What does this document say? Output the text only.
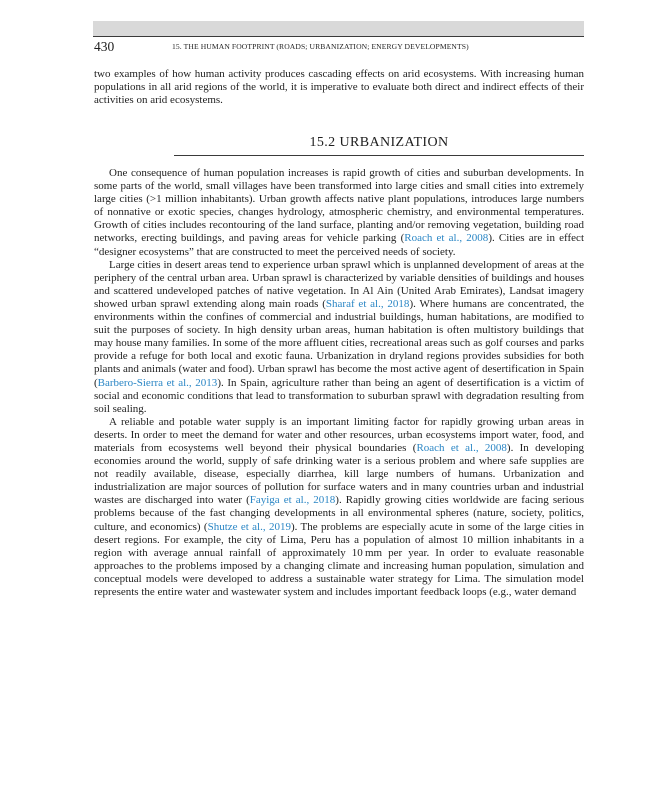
430	15. THE HUMAN FOOTPRINT (ROADS; URBANIZATION; ENERGY DEVELOPMENTS)

two examples of how human activity produces cascading effects on arid ecosystems. With increasing human populations in all arid regions of the world, it is imperative to evaluate both direct and indirect effects of their activities on arid ecosystems.

15.2 URBANIZATION

One consequence of human population increases is rapid growth of cities and suburban developments. In some parts of the world, small villages have been transformed into large cities and small cities into extremely large cities (>1 million inhabitants). Urban growth affects native plant populations, introduces large numbers of nonnative or exotic species, changes hydrology, atmospheric chemistry, and environmental temperatures. Growth of cities includes recontouring of the land surface, planting and/or removing vegetation, building road networks, erecting buildings, and paving areas for vehicle parking (Roach et al., 2008). Cities are in effect “designer ecosystems” that are constructed to meet the perceived needs of society.

Large cities in desert areas tend to experience urban sprawl which is unplanned development of areas at the periphery of the central urban area. Urban sprawl is characterized by variable densities of buildings and houses and scattered undeveloped patches of native vegetation. In Al Ain (United Arab Emirates), Landsat imagery showed urban sprawl extending along main roads (Sharaf et al., 2018). Where humans are concentrated, the environments within the confines of commercial and industrial buildings, human habitations, are modified to suit the purposes of society. In high density urban areas, human habitation is often multistory buildings that may house many families. In some of the more affluent cities, recreational areas such as golf courses and parks provide a refuge for both local and exotic fauna. Urbanization in dryland regions provides subsidies for both plants and animals (water and food). Urban sprawl has become the most active agent of desertification in Spain (Barbero-Sierra et al., 2013). In Spain, agriculture rather than being an agent of desertification is a victim of social and economic conditions that lead to transformation to suburban sprawl with degradation resulting from soil sealing.

A reliable and potable water supply is an important limiting factor for rapidly growing urban areas in deserts. In order to meet the demand for water and other resources, urban ecosystems import water, food, and materials from ecosystems well beyond their physical boundaries (Roach et al., 2008). In developing economies around the world, supply of safe drinking water is a serious problem and where safe supplies are not readily available, disease, especially diarrhea, kill large numbers of humans. Urbanization and industrialization are major sources of pollution for surface waters and in many countries urban and industrial wastes are discharged into water (Fayiga et al., 2018). Rapidly growing cities worldwide are facing serious problems because of the fast changing developments in all environmental spheres (nature, society, politics, culture, and economics) (Shutze et al., 2019). The problems are especially acute in some of the large cities in desert regions. For example, the city of Lima, Peru has a population of almost 10 million inhabitants in a region with average annual rainfall of approximately 10 mm per year. In order to evaluate reasonable approaches to the problems imposed by a changing climate and increasing human population, simulation and conceptual models were developed to address a sustainable water strategy for Lima. The simulation model represents the entire water and wastewater system and includes important feedback loops (e.g., water demand
